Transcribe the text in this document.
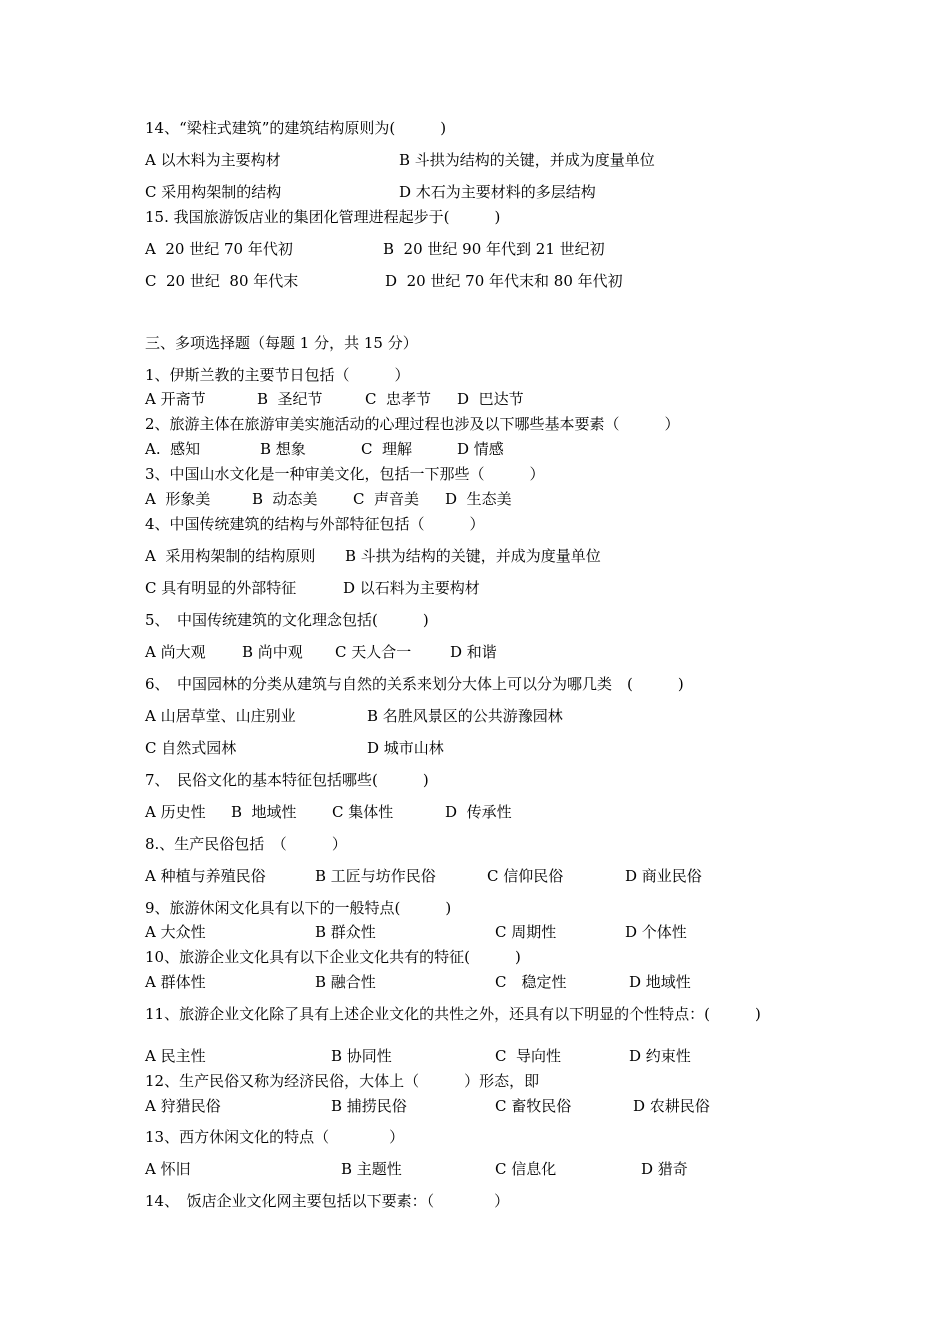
14、“梁柱式建筑”的建筑结构原则为(　　　)

A 以木料为主要构材

	B 斗拱为结构的关键，并成为度量单位

C 采用构架制的结构

	D 木石为主要材料的多层结构

15. 我国旅游饭店业的集团化管理进程起步于(　　　)

A  20 世纪 70 年代初

	B  20 世纪 90 年代到 21 世纪初

C  20 世纪  80 年代末

	D  20 世纪 70 年代末和 80 年代初

三、多项选择题（每题 1 分，共 15 分）
1、伊斯兰教的主要节日包括（　　　）

A 开斋节

	B  圣纪节

	C  忠孝节

D  巴达节

2、旅游主体在旅游审美实施活动的心理过程也涉及以下哪些基本要素（　　　）

A.  感知

	B 想象

	C  理解

	D 情感

3、中国山水文化是一种审美文化，包括一下那些（　　　）

A  形象美

	B  动态美

C  声音美

D  生态美

4、中国传统建筑的结构与外部特征包括（　　　）

A  采用构架制的结构原则

B 斗拱为结构的关键，并成为度量单位

C 具有明显的外部特征

	D 以石料为主要构材

5、　中国传统建筑的文化理念包括(　　　)

A 尚大观

B 尚中观

C 天人合一

	D 和谐

6、　中国园林的分类从建筑与自然的关系来划分大体上可以分为哪几类　(　　　)

A 山居草堂、山庄别业

	B 名胜风景区的公共游豫园林

C 自然式园林

	D 城市山林

7、　民俗文化的基本特征包括哪些(　　　)

A 历史性

B  地域性

C 集体性

	D  传承性

8.、生产民俗包括　（　　　）

A 种植与养殖民俗

	B 工匠与坊作民俗

	C 信仰民俗

	D 商业民俗

9、旅游休闲文化具有以下的一般特点(　　　)

A 大众性

	B 群众性

	C 周期性

	D 个体性

10、旅游企业文化具有以下企业文化共有的特征(　　　)

A 群体性

	B 融合性

	C　稳定性

	D 地域性

11、旅游企业文化除了具有上述企业文化的共性之外，还具有以下明显的个性特点：(　　　)

A 民主性

	B 协同性

	C  导向性

	D 约束性

12、生产民俗又称为经济民俗，大体上（　　　）形态，即

A 狩猎民俗

	B 捕捞民俗

	C 畜牧民俗

	D 农耕民俗

13、西方休闲文化的特点（　　　　）

A 怀旧

	B 主题性

	C 信息化

	D 猎奇

14、　饭店企业文化网主要包括以下要素：（　　　　）
